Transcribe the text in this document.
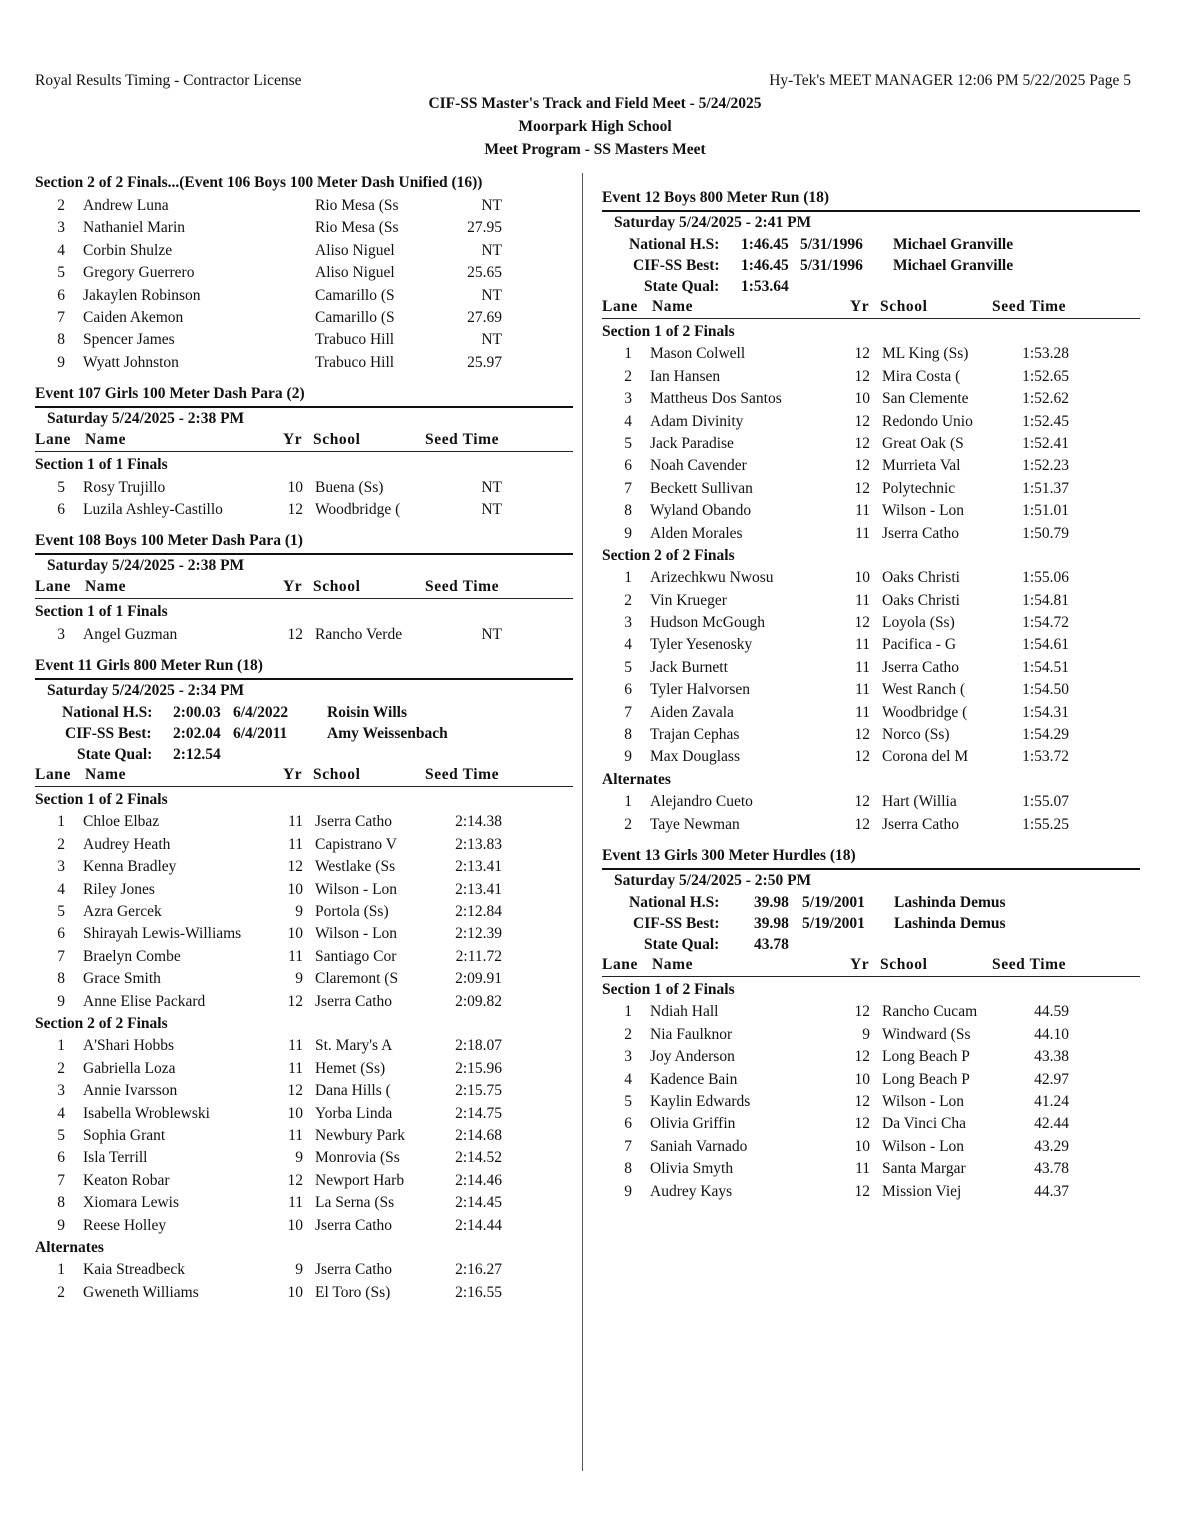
Royal Results Timing - Contractor License	Hy-Tek's MEET MANAGER 12:06 PM 5/22/2025 Page 5
CIF-SS Master's Track and Field Meet - 5/24/2025
Moorpark High School
Meet Program - SS Masters Meet
Section 2 of 2 Finals...(Event 106 Boys 100 Meter Dash Unified (16))
2 Andrew Luna	Rio Mesa (Ss	NT
3 Nathaniel Marin	Rio Mesa (Ss	27.95
4 Corbin Shulze	Aliso Niguel	NT
5 Gregory Guerrero	Aliso Niguel	25.65
6 Jakaylen Robinson	Camarillo (S	NT
7 Caiden Akemon	Camarillo (S	27.69
8 Spencer James	Trabuco Hill	NT
9 Wyatt Johnston	Trabuco Hill	25.97
Event 107 Girls 100 Meter Dash Para (2)
Saturday 5/24/2025 - 2:38 PM
Lane Name	Yr School	Seed Time
Section 1 of 1 Finals
5 Rosy Trujillo	10 Buena (Ss)	NT
6 Luzila Ashley-Castillo	12 Woodbridge (	NT
Event 108 Boys 100 Meter Dash Para (1)
Saturday 5/24/2025 - 2:38 PM
Lane Name	Yr School	Seed Time
Section 1 of 1 Finals
3 Angel Guzman	12 Rancho Verde	NT
Event 11 Girls 800 Meter Run (18)
Saturday 5/24/2025 - 2:34 PM
National H.S: 2:00.03 6/4/2022	Roisin Wills
CIF-SS Best: 2:02.04 6/4/2011	Amy Weissenbach
State Qual: 2:12.54
Lane Name	Yr School	Seed Time
Section 1 of 2 Finals
1 Chloe Elbaz	11 Jserra Catho	2:14.38
2 Audrey Heath	11 Capistrano V	2:13.83
3 Kenna Bradley	12 Westlake (Ss	2:13.41
4 Riley Jones	10 Wilson - Lon	2:13.41
5 Azra Gercek	9 Portola (Ss)	2:12.84
6 Shirayah Lewis-Williams	10 Wilson - Lon	2:12.39
7 Braelyn Combe	11 Santiago Cor	2:11.72
8 Grace Smith	9 Claremont (S	2:09.91
9 Anne Elise Packard	12 Jserra Catho	2:09.82
Section 2 of 2 Finals
1 A'Shari Hobbs	11 St. Mary's A	2:18.07
2 Gabriella Loza	11 Hemet (Ss)	2:15.96
3 Annie Ivarsson	12 Dana Hills (	2:15.75
4 Isabella Wroblewski	10 Yorba Linda	2:14.75
5 Sophia Grant	11 Newbury Park	2:14.68
6 Isla Terrill	9 Monrovia (Ss	2:14.52
7 Keaton Robar	12 Newport Harb	2:14.46
8 Xiomara Lewis	11 La Serna (Ss	2:14.45
9 Reese Holley	10 Jserra Catho	2:14.44
Alternates
1 Kaia Streadbeck	9 Jserra Catho	2:16.27
2 Gweneth Williams	10 El Toro (Ss)	2:16.55
Event 12 Boys 800 Meter Run (18)
Saturday 5/24/2025 - 2:41 PM
National H.S: 1:46.45 5/31/1996 Michael Granville
CIF-SS Best: 1:46.45 5/31/1996 Michael Granville
State Qual: 1:53.64
Lane Name	Yr School	Seed Time
Section 1 of 2 Finals
1 Mason Colwell	12 ML King (Ss)	1:53.28
2 Ian Hansen	12 Mira Costa (	1:52.65
3 Mattheus Dos Santos	10 San Clemente	1:52.62
4 Adam Divinity	12 Redondo Unio	1:52.45
5 Jack Paradise	12 Great Oak (S	1:52.41
6 Noah Cavender	12 Murrieta Val	1:52.23
7 Beckett Sullivan	12 Polytechnic	1:51.37
8 Wyland Obando	11 Wilson - Lon	1:51.01
9 Alden Morales	11 Jserra Catho	1:50.79
Section 2 of 2 Finals
1 Arizechkwu Nwosu	10 Oaks Christi	1:55.06
2 Vin Krueger	11 Oaks Christi	1:54.81
3 Hudson McGough	12 Loyola (Ss)	1:54.72
4 Tyler Yesenosky	11 Pacifica - G	1:54.61
5 Jack Burnett	11 Jserra Catho	1:54.51
6 Tyler Halvorsen	11 West Ranch (	1:54.50
7 Aiden Zavala	11 Woodbridge (	1:54.31
8 Trajan Cephas	12 Norco (Ss)	1:54.29
9 Max Douglass	12 Corona del M	1:53.72
Alternates
1 Alejandro Cueto	12 Hart (Willia	1:55.07
2 Taye Newman	12 Jserra Catho	1:55.25
Event 13 Girls 300 Meter Hurdles (18)
Saturday 5/24/2025 - 2:50 PM
National H.S: 39.98 5/19/2001 Lashinda Demus
CIF-SS Best: 39.98 5/19/2001 Lashinda Demus
State Qual: 43.78
Lane Name	Yr School	Seed Time
Section 1 of 2 Finals
1 Ndiah Hall	12 Rancho Cucam	44.59
2 Nia Faulknor	9 Windward (Ss	44.10
3 Joy Anderson	12 Long Beach P	43.38
4 Kadence Bain	10 Long Beach P	42.97
5 Kaylin Edwards	12 Wilson - Lon	41.24
6 Olivia Griffin	12 Da Vinci Cha	42.44
7 Saniah Varnado	10 Wilson - Lon	43.29
8 Olivia Smyth	11 Santa Margar	43.78
9 Audrey Kays	12 Mission Viej	44.37
